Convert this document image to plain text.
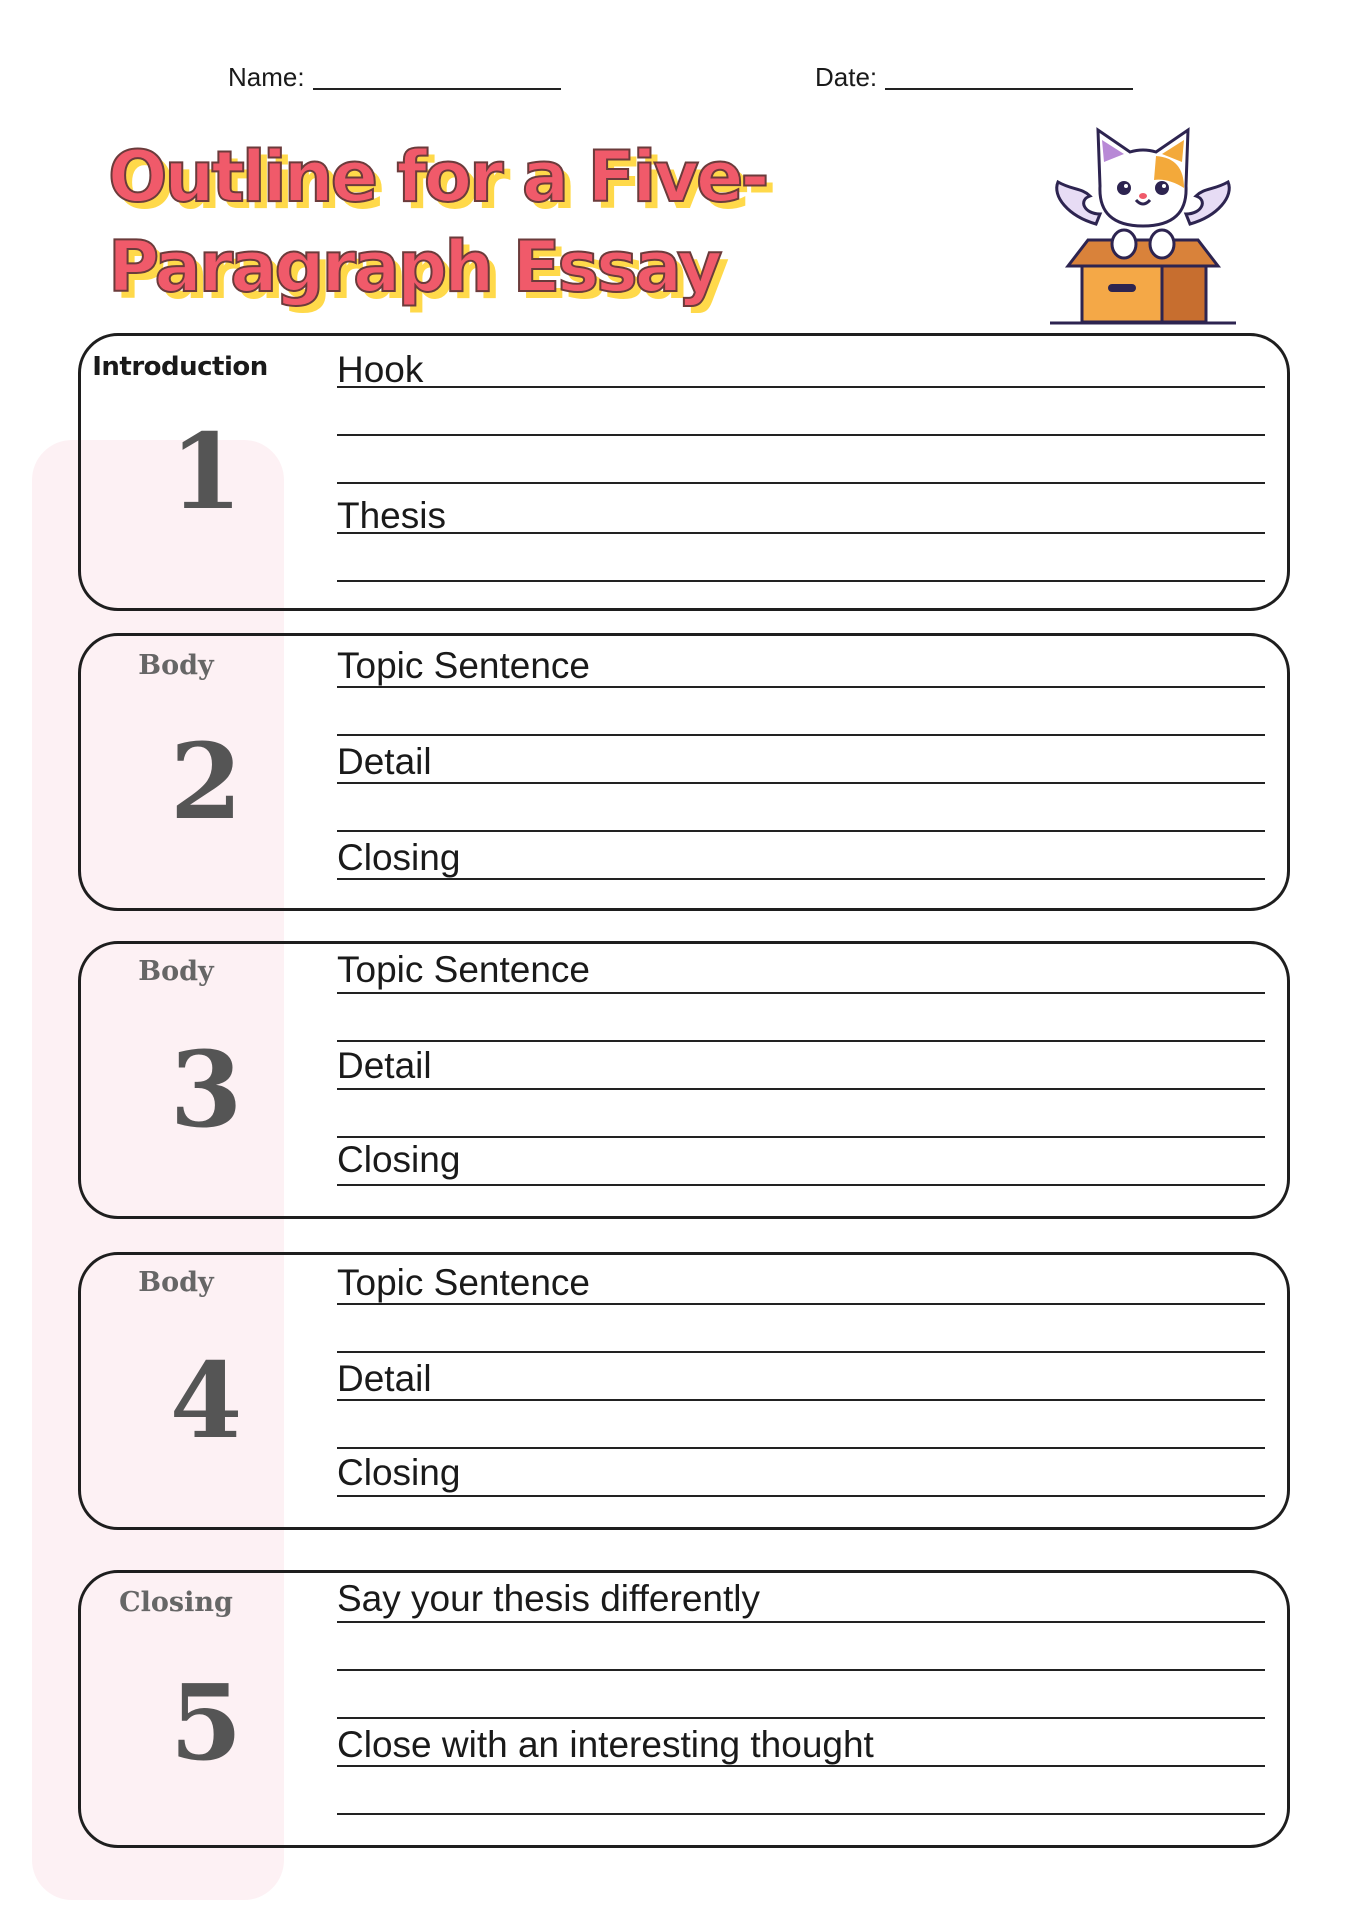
Name:	Date:
Outline for a Five-Paragraph Essay
Introduction
1
Hook
Thesis
Body
2
Topic Sentence
Detail
Closing
Body
3
Topic Sentence
Detail
Closing
Body
4
Topic Sentence
Detail
Closing
Closing
5
Say your thesis differently
Close with an interesting thought
